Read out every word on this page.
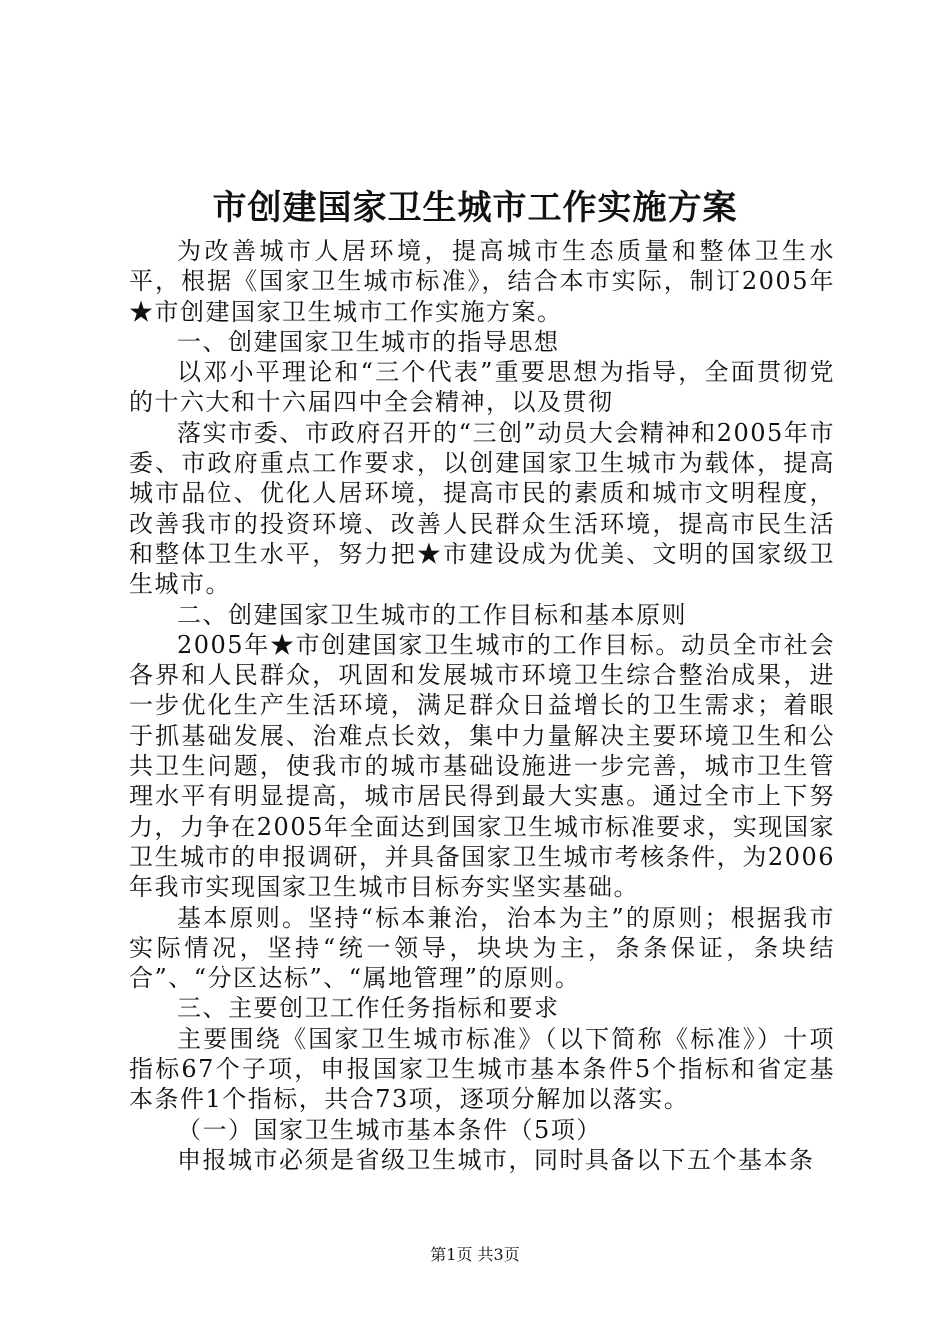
市创建国家卫生城市工作实施方案

为改善城市人居环境，提高城市生态质量和整体卫生水平，根据《国家卫生城市标准》，结合本市实际，制订2005年★市创建国家卫生城市工作实施方案。

一、创建国家卫生城市的指导思想

以邓小平理论和“三个代表”重要思想为指导，全面贯彻党的十六大和十六届四中全会精神，以及贯彻

落实市委、市政府召开的“三创”动员大会精神和2005年市委、市政府重点工作要求，以创建国家卫生城市为载体，提高城市品位、优化人居环境，提高市民的素质和城市文明程度，改善我市的投资环境、改善人民群众生活环境，提高市民生活和整体卫生水平，努力把★市建设成为优美、文明的国家级卫生城市。

二、创建国家卫生城市的工作目标和基本原则

2005年★市创建国家卫生城市的工作目标。动员全市社会各界和人民群众，巩固和发展城市环境卫生综合整治成果，进一步优化生产生活环境，满足群众日益增长的卫生需求；着眼于抓基础发展、治难点长效，集中力量解决主要环境卫生和公共卫生问题，使我市的城市基础设施进一步完善，城市卫生管理水平有明显提高，城市居民得到最大实惠。通过全市上下努力，力争在2005年全面达到国家卫生城市标准要求，实现国家卫生城市的申报调研，并具备国家卫生城市考核条件，为2006年我市实现国家卫生城市目标夯实坚实基础。

基本原则。坚持“标本兼治，治本为主”的原则；根据我市实际情况，坚持“统一领导，块块为主，条条保证，条块结合”、“分区达标”、“属地管理”的原则。

三、主要创卫工作任务指标和要求

主要围绕《国家卫生城市标准》（以下简称《标准》）十项指标67个子项，申报国家卫生城市基本条件5个指标和省定基本条件1个指标，共合73项，逐项分解加以落实。

（一）国家卫生城市基本条件（5项）

申报城市必须是省级卫生城市，同时具备以下五个基本条

第1页 共3页
